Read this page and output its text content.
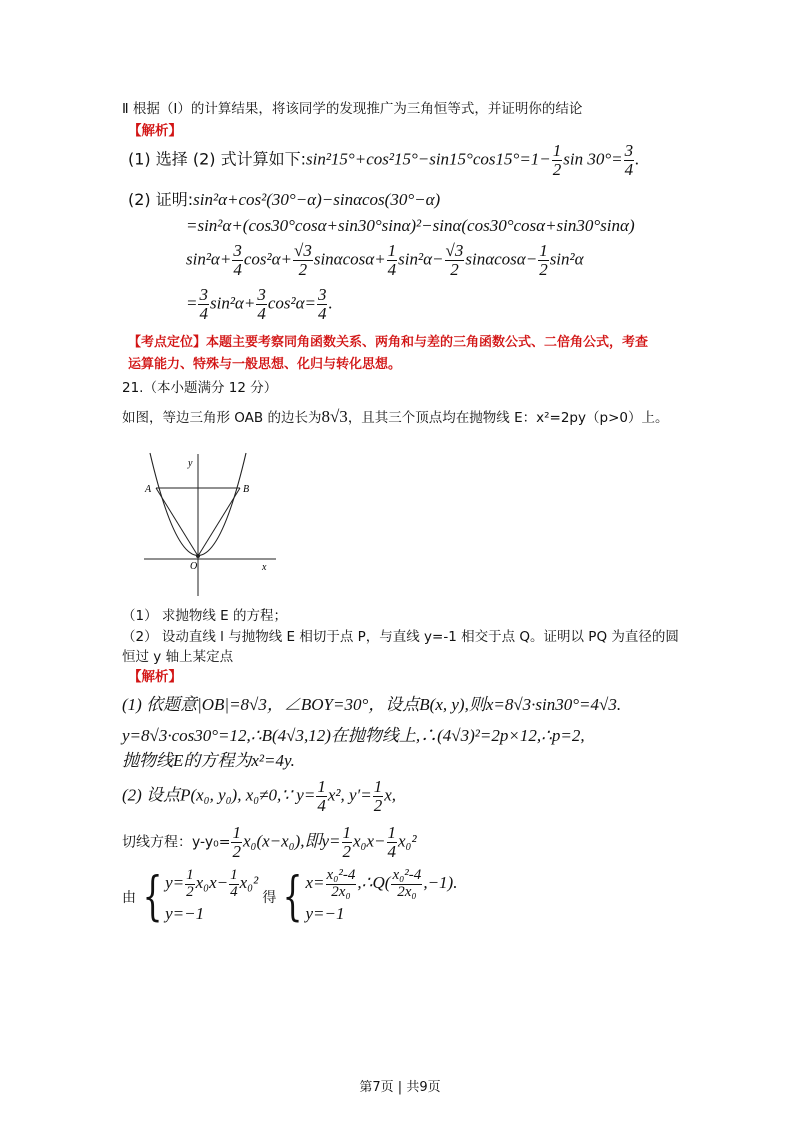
Ⅱ 根据（Ⅰ）的计算结果，将该同学的发现推广为三角恒等式，并证明你的结论
【解析】
(1) 选择 (2) 式计算如下:sin²15°+cos²15°−sin15°cos15°=1− $\frac{1}{2}$ $\sin 30^\circ= \frac{3}{4}$ .
(2) 证明:sin²α+cos²(30°−α)−sinαcos(30°−α)
=sin²α+(cos30°cosα+sin30°sinα)²−sinα(cos30°cosα+sin30°sinα)
$\sin^2\alpha+ \frac{3}{4} \cos^2\alpha+ \frac{√3}{2} \sin\alpha\cos\alpha+ \frac{1}{4} \sin^2\alpha- \frac{√3}{2} \sin\alpha\cos\alpha- \frac{1}{2} \sin^2\alpha$
= $\frac{3}{4} \sin^2\alpha+ \frac{3}{4} \cos^2\alpha= \frac{3}{4}$ .
【考点定位】本题主要考察同角函数关系、两角和与差的三角函数公式、二倍角公式，考查
运算能力、特殊与一般思想、化归与转化思想。
21.（本小题满分 12 分）
如图，等边三角形 OAB 的边长为8√3，且其三个顶点均在抛物线 E：x²=2py（p>0）上。
y
x
A	B
O
（1） 求抛物线 E 的方程；
（2） 设动直线 l 与抛物线 E 相切于点 P，与直线 y=-1 相交于点 Q。证明以 PQ 为直径的圆
恒过 y 轴上某定点
【解析】
(1) 依题意|OB|=8√3，∠BOY=30°，设点B(x, y),则x=8√3·sin30°=4√3.
y=8√3·cos30°=12,∴B(4√3,12)在抛物线上,∴(4√3)²=2p×12,∴p=2,
抛物线E的方程为x²=4y.
(2) 设点P(x₀, y₀), x₀≠0,∵ $y= \frac{1}{4} x^2$, $y'= \frac{1}{2} x$,
切线方程：$y-y_0= \frac{1}{2} x_0(x-x_0)$,即$y= \frac{1}{2} x_0x- \frac{1}{4} x_0^2$
由 { $y= \frac{1}{2} x_0x- \frac{1}{4} x_0^2$
y=−1
得 { $x= \frac{\text{x₀²-4}}{\text{2x₀}}$ ,∴Q( $\frac{\text{x₀²-4}}{\text{2x₀}} ,-1$).
y=−1
第7页 | 共9页
